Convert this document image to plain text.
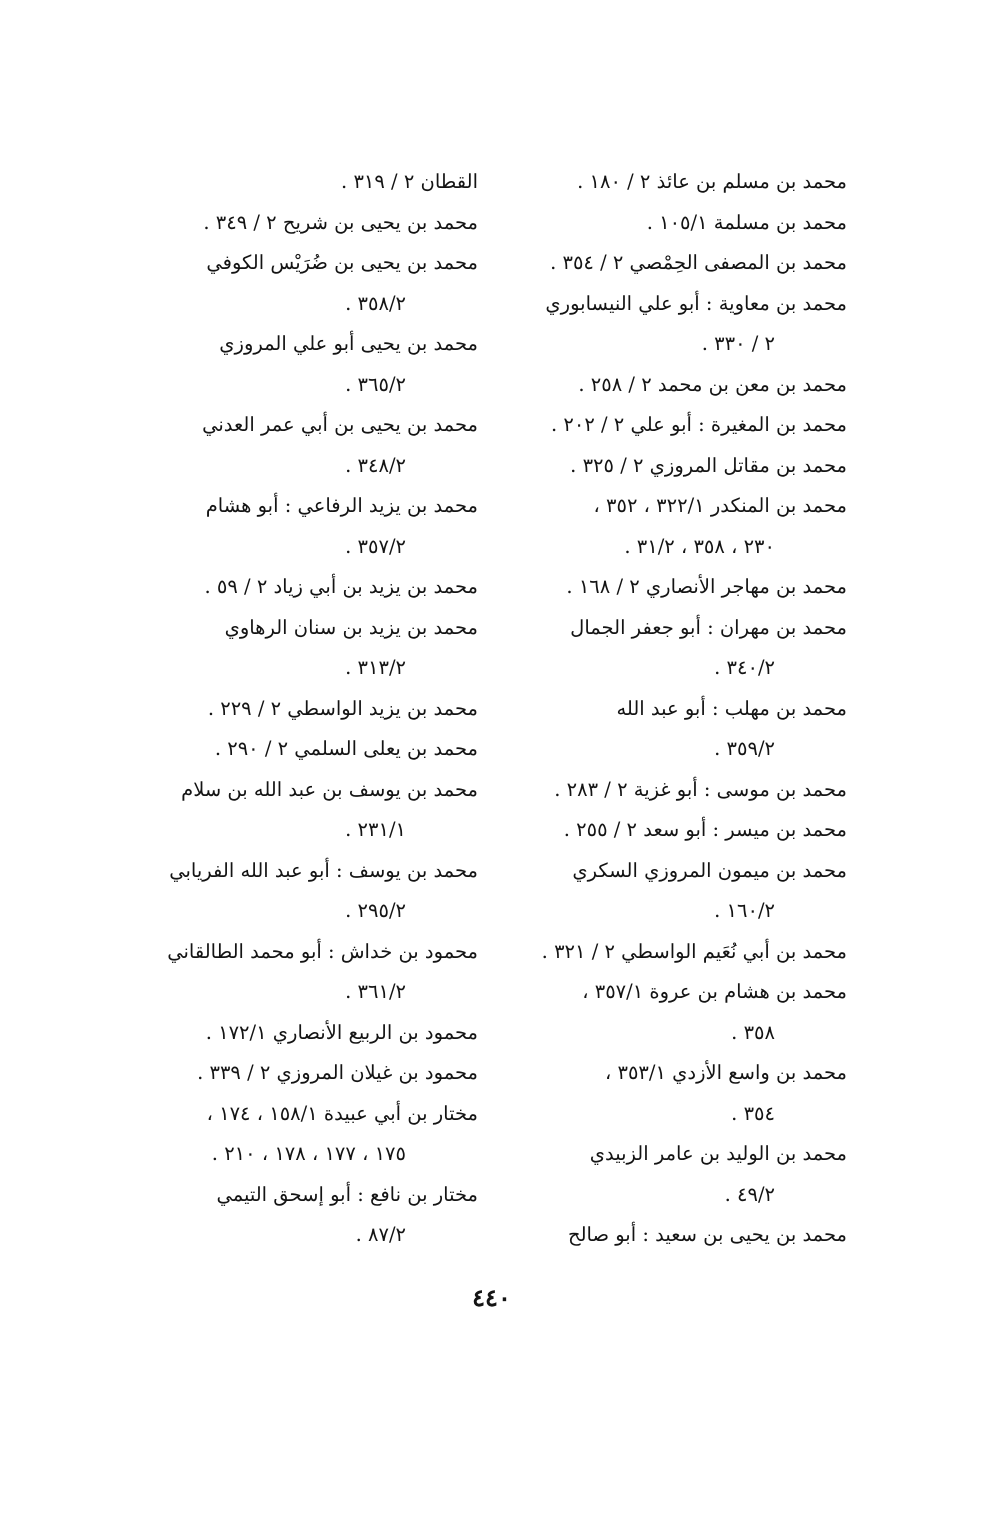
محمد بن مسلم بن عائذ ٢ / ١٨٠ .
محمد بن مسلمة ١٠٥/١ .
محمد بن المصفى الحِمْصي ٢ / ٣٥٤ .
محمد بن معاوية : أبو علي النيسابوري
٢ / ٣٣٠ .
محمد بن معن بن محمد ٢ / ٢٥٨ .
محمد بن المغيرة : أبو علي ٢ / ٢٠٢ .
محمد بن مقاتل المروزي ٢ / ٣٢٥ .
محمد بن المنكدر ٣٢٢/١ ، ٣٥٢ ،
٢٣٠ ، ٣٥٨ ، ٣١/٢ .
محمد بن مهاجر الأنصاري ٢ / ١٦٨ .
محمد بن مهران : أبو جعفر الجمال
٣٤٠/٢ .
محمد بن مهلب : أبو عبد الله
٣٥٩/٢ .
محمد بن موسى : أبو غزية ٢ / ٢٨٣ .
محمد بن ميسر : أبو سعد ٢ / ٢٥٥ .
محمد بن ميمون المروزي السكري
١٦٠/٢ .
محمد بن أبي نُعَيم الواسطي ٢ / ٣٢١ .
محمد بن هشام بن عروة ٣٥٧/١ ،
٣٥٨ .
محمد بن واسع الأزدي ٣٥٣/١ ،
٣٥٤ .
محمد بن الوليد بن عامر الزبيدي
٤٩/٢ .
محمد بن يحيى بن سعيد : أبو صالح
القطان ٢ / ٣١٩ .
محمد بن يحيى بن شريح ٢ / ٣٤٩ .
محمد بن يحيى بن ضُرَيْس الكوفي
٣٥٨/٢ .
محمد بن يحيى أبو علي المروزي
٣٦٥/٢ .
محمد بن يحيى بن أبي عمر العدني
٣٤٨/٢ .
محمد بن يزيد الرفاعي : أبو هشام
٣٥٧/٢ .
محمد بن يزيد بن أبي زياد ٢ / ٥٩ .
محمد بن يزيد بن سنان الرهاوي
٣١٣/٢ .
محمد بن يزيد الواسطي ٢ / ٢٢٩ .
محمد بن يعلى السلمي ٢ / ٢٩٠ .
محمد بن يوسف بن عبد الله بن سلام
٢٣١/١ .
محمد بن يوسف : أبو عبد الله الفريابي
٢٩٥/٢ .
محمود بن خداش : أبو محمد الطالقاني
٣٦١/٢ .
محمود بن الربيع الأنصاري ١٧٢/١ .
محمود بن غيلان المروزي ٢ / ٣٣٩ .
مختار بن أبي عبيدة ١٥٨/١ ، ١٧٤ ،
١٧٥ ، ١٧٧ ، ١٧٨ ، ٢١٠ .
مختار بن نافع : أبو إسحق التيمي
٨٧/٢ .
٤٤٠
